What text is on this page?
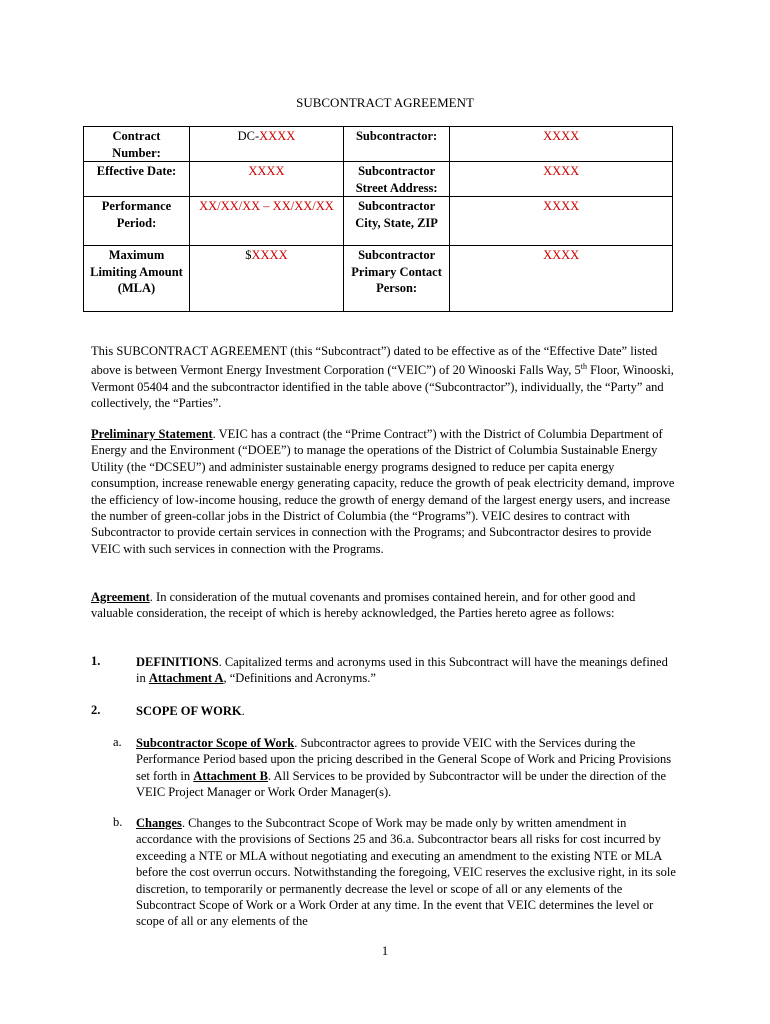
SUBCONTRACT AGREEMENT
Contract Number:	DC-XXXX	Subcontractor:	XXXX
Effective Date:	XXXX	Subcontractor Street Address:	XXXX
Performance Period:	XX/XX/XX – XX/XX/XX	Subcontractor City, State, ZIP	XXXX
Maximum Limiting Amount (MLA)	$XXXX	Subcontractor Primary Contact Person:	XXXX
This SUBCONTRACT AGREEMENT (this “Subcontract”) dated to be effective as of the “Effective Date” listed above is between Vermont Energy Investment Corporation (“VEIC”) of 20 Winooski Falls Way, 5th Floor, Winooski, Vermont 05404 and the subcontractor identified in the table above (“Subcontractor”), individually, the “Party” and collectively, the “Parties”.
Preliminary Statement. VEIC has a contract (the “Prime Contract”) with the District of Columbia Department of Energy and the Environment (“DOEE”) to manage the operations of the District of Columbia Sustainable Energy Utility (the “DCSEU”) and administer sustainable energy programs designed to reduce per capita energy consumption, increase renewable energy generating capacity, reduce the growth of peak electricity demand, improve the efficiency of low-income housing, reduce the growth of energy demand of the largest energy users, and increase the number of green-collar jobs in the District of Columbia (the “Programs”). VEIC desires to contract with Subcontractor to provide certain services in connection with the Programs; and Subcontractor desires to provide VEIC with such services in connection with the Programs.
Agreement. In consideration of the mutual covenants and promises contained herein, and for other good and valuable consideration, the receipt of which is hereby acknowledged, the Parties hereto agree as follows:
1.	DEFINITIONS. Capitalized terms and acronyms used in this Subcontract will have the meanings defined in Attachment A, “Definitions and Acronyms.”
2.	SCOPE OF WORK.
a. Subcontractor Scope of Work. Subcontractor agrees to provide VEIC with the Services during the Performance Period based upon the pricing described in the General Scope of Work and Pricing Provisions set forth in Attachment B. All Services to be provided by Subcontractor will be under the direction of the VEIC Project Manager or Work Order Manager(s).
b. Changes. Changes to the Subcontract Scope of Work may be made only by written amendment in accordance with the provisions of Sections 25 and 36.a. Subcontractor bears all risks for cost incurred by exceeding a NTE or MLA without negotiating and executing an amendment to the existing NTE or MLA before the cost overrun occurs. Notwithstanding the foregoing, VEIC reserves the exclusive right, in its sole discretion, to temporarily or permanently decrease the level or scope of all or any elements of the Subcontract Scope of Work or a Work Order at any time. In the event that VEIC determines the level or scope of all or any elements of the
1
